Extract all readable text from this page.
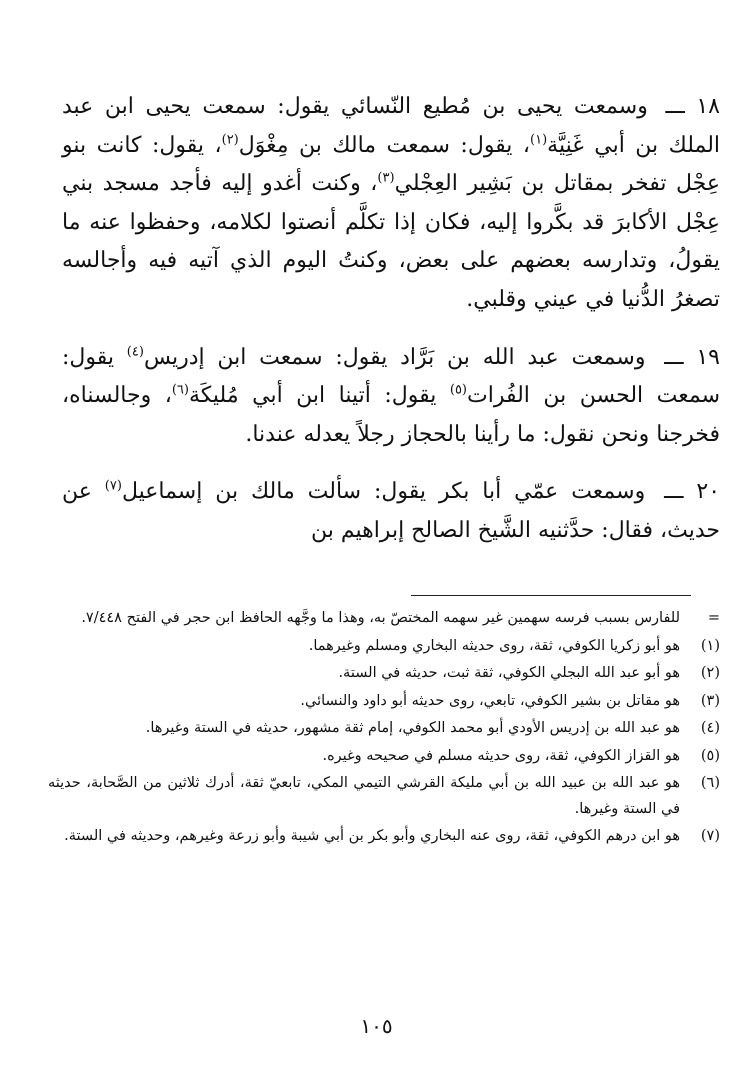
١٨ ـــ وسمعت يحيى بن مُطيع النّسائي يقول: سمعت يحيى ابن عبد الملك بن أبي غَنِيَّة$^{(١)}$، يقول: سمعت مالك بن مِغْوَل$^{(٢)}$، يقول: كانت بنو عِجْل تفخر بمقاتل بن بَشِير العِجْلي$^{(٣)}$، وكنت أغدو إليه فأجد مسجد بني عِجْل الأكابرَ قد بكَّروا إليه، فكان إذا تكلَّم أنصتوا لكلامه، وحفظوا عنه ما يقولُ، وتدارسه بعضهم على بعض، وكنتُ اليوم الذي آتيه فيه وأجالسه تصغرُ الدُّنيا في عيني وقلبي.

١٩ ـــ وسمعت عبد الله بن بَرَّاد يقول: سمعت ابن إدريس$^{(٤)}$ يقول: سمعت الحسن بن الفُرات$^{(٥)}$ يقول: أتينا ابن أبي مُليكَة$^{(٦)}$، وجالسناه، فخرجنا ونحن نقول: ما رأينا بالحجاز رجلاً يعدله عندنا.

٢٠ ـــ وسمعت عمّي أبا بكر يقول: سألت مالك بن إسماعيل$^{(٧)}$ عن حديث، فقال: حدَّثنيه الشَّيخ الصالح إبراهيم بن

=
للفارس بسبب فرسه سهمين غير سهمه المختصّ به، وهذا ما وجَّهه الحافظ ابن حجر في الفتح ٧/٤٤٨.
(١)
هو أبو زكريا الكوفي، ثقة، روى حديثه البخاري ومسلم وغيرهما.
(٢)
هو أبو عبد الله البجلي الكوفي، ثقة ثبت، حديثه في الستة.
(٣)
هو مقاتل بن بشير الكوفي، تابعي، روى حديثه أبو داود والنسائي.
(٤)
هو عبد الله بن إدريس الأودي أبو محمد الكوفي، إمام ثقة مشهور، حديثه في الستة وغيرها.
(٥)
هو القزاز الكوفي، ثقة، روى حديثه مسلم في صحيحه وغيره.
(٦)
هو عبد الله بن عبيد الله بن أبي مليكة القرشي التيمي المكي، تابعيّ ثقة، أدرك ثلاثين من الصَّحابة، حديثه في الستة وغيرها.
(٧)
هو ابن درهم الكوفي، ثقة، روى عنه البخاري وأبو بكر بن أبي شيبة وأبو زرعة وغيرهم، وحديثه في الستة.
١٠٥
